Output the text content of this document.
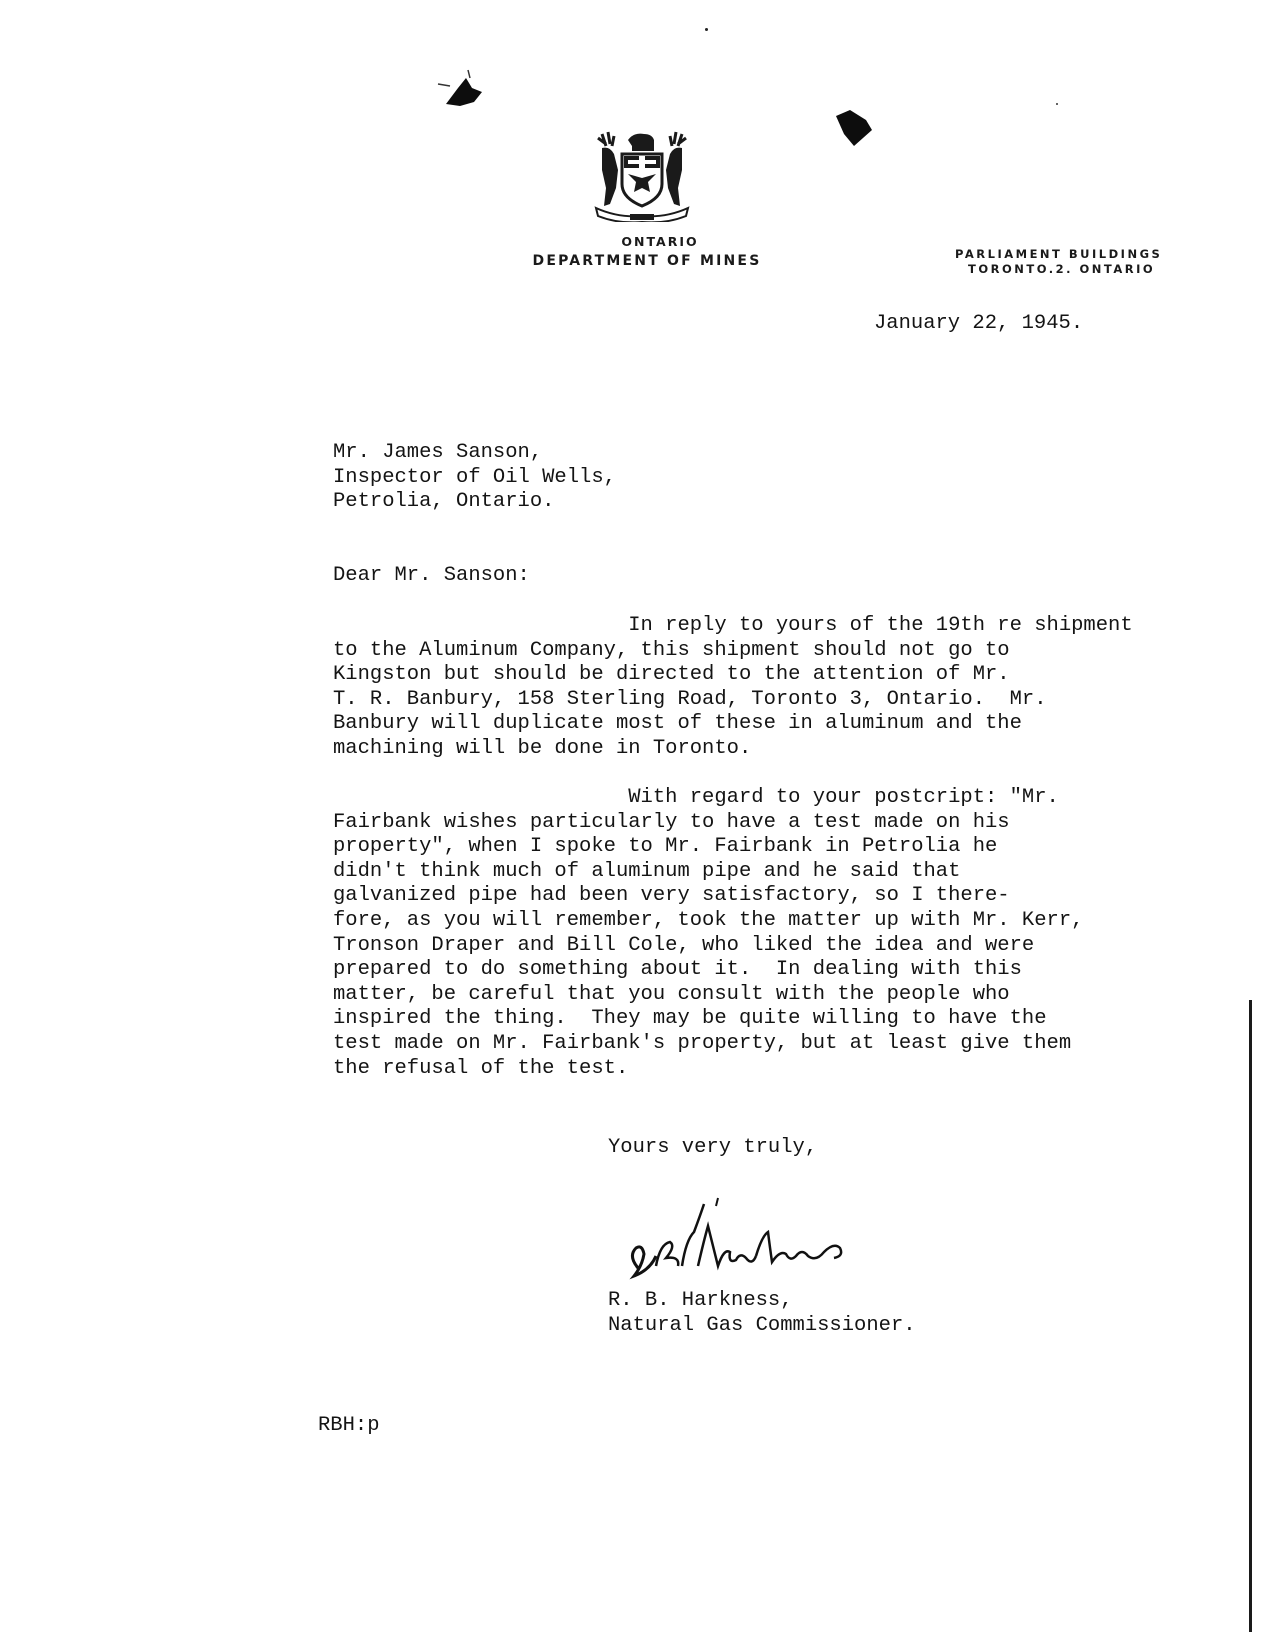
ONTARIO
DEPARTMENT OF MINES	PARLIAMENT BUILDINGS
TORONTO.2. ONTARIO
January 22, 1945.
Mr. James Sanson,
Inspector of Oil Wells,
Petrolia, Ontario.
Dear Mr. Sanson:
In reply to yours of the 19th re shipment
to the Aluminum Company, this shipment should not go to
Kingston but should be directed to the attention of Mr.
T. R. Banbury, 158 Sterling Road, Toronto 3, Ontario.  Mr.
Banbury will duplicate most of these in aluminum and the
machining will be done in Toronto.
With regard to your postcript: "Mr.
Fairbank wishes particularly to have a test made on his
property", when I spoke to Mr. Fairbank in Petrolia he
didn't think much of aluminum pipe and he said that
galvanized pipe had been very satisfactory, so I there-
fore, as you will remember, took the matter up with Mr. Kerr,
Tronson Draper and Bill Cole, who liked the idea and were
prepared to do something about it.  In dealing with this
matter, be careful that you consult with the people who
inspired the thing.  They may be quite willing to have the
test made on Mr. Fairbank's property, but at least give them
the refusal of the test.
Yours very truly,
R. B. Harkness,
Natural Gas Commissioner.
RBH:p
